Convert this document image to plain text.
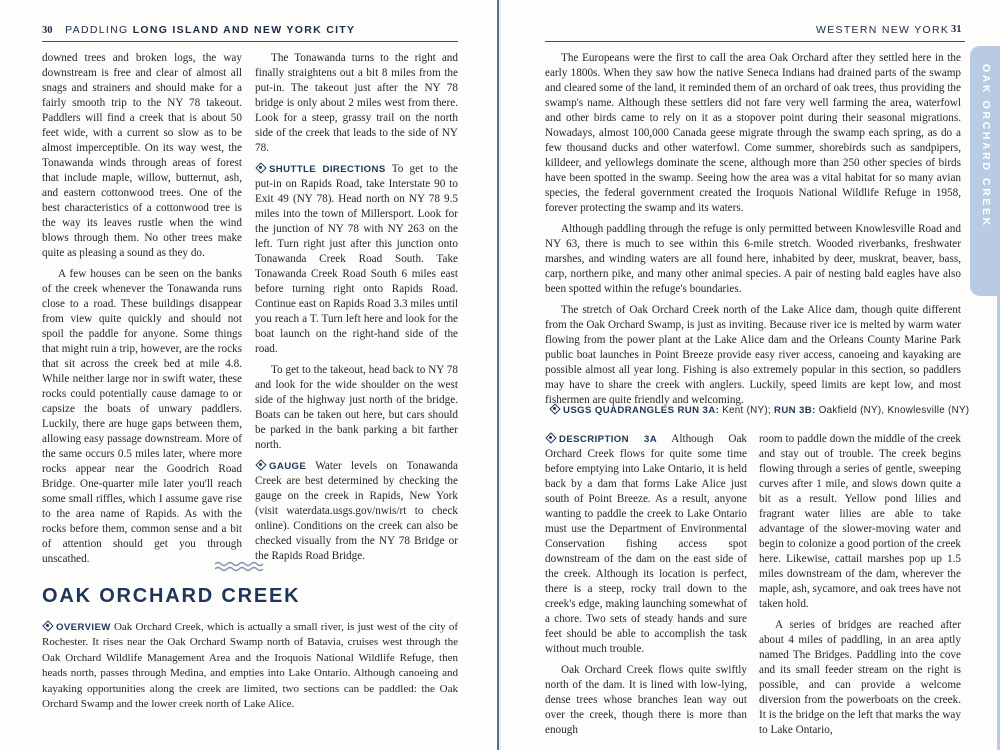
30 PADDLING LONG ISLAND AND NEW YORK CITY

downed trees and broken logs, the way downstream is free and clear of almost all snags and strainers and should make for a fairly smooth trip to the NY 78 takeout. Paddlers will find a creek that is about 50 feet wide, with a current so slow as to be almost imperceptible. On its way west, the Tonawanda winds through areas of forest that include maple, willow, butternut, ash, and eastern cottonwood trees. One of the best characteristics of a cottonwood tree is the way its leaves rustle when the wind blows through them. No other trees make quite as pleasing a sound as they do.

A few houses can be seen on the banks of the creek whenever the Tonawanda runs close to a road. These buildings disappear from view quite quickly and should not spoil the paddle for anyone. Some things that might ruin a trip, however, are the rocks that sit across the creek bed at mile 4.8. While neither large nor in swift water, these rocks could potentially cause damage to or capsize the boats of unwary paddlers. Luckily, there are huge gaps between them, allowing easy passage downstream. More of the same occurs 0.5 miles later, where more rocks appear near the Goodrich Road Bridge. One-quarter mile later you'll reach some small riffles, which I assume gave rise to the area name of Rapids. As with the rocks before them, common sense and a bit of attention should get you through unscathed.

The Tonawanda turns to the right and finally straightens out a bit 8 miles from the put-in. The takeout just after the NY 78 bridge is only about 2 miles west from there. Look for a steep, grassy trail on the north side of the creek that leads to the side of NY 78.

SHUTTLE DIRECTIONS To get to the put-in on Rapids Road, take Interstate 90 to Exit 49 (NY 78). Head north on NY 78 9.5 miles into the town of Millersport. Look for the junction of NY 78 with NY 263 on the left. Turn right just after this junction onto Tonawanda Creek Road South. Take Tonawanda Creek Road South 6 miles east before turning right onto Rapids Road. Continue east on Rapids Road 3.3 miles until you reach a T. Turn left here and look for the boat launch on the right-hand side of the road.

To get to the takeout, head back to NY 78 and look for the wide shoulder on the west side of the highway just north of the bridge. Boats can be taken out here, but cars should be parked in the bank parking a bit farther north.

GAUGE Water levels on Tonawanda Creek are best determined by checking the gauge on the creek in Rapids, New York (visit waterdata.usgs.gov/nwis/rt to check online). Conditions on the creek can also be checked visually from the NY 78 Bridge or the Rapids Road Bridge.

OAK ORCHARD CREEK
OVERVIEW Oak Orchard Creek, which is actually a small river, is just west of the city of Rochester. It rises near the Oak Orchard Swamp north of Batavia, cruises west through the Oak Orchard Wildlife Management Area and the Iroquois National Wildlife Refuge, then heads north, passes through Medina, and empties into Lake Ontario. Although canoeing and kayaking opportunities along the creek are limited, two sections can be paddled: the Oak Orchard Swamp and the lower creek north of Lake Alice.
WESTERN NEW YORK 31
OAK ORCHARD CREEK

The Europeans were the first to call the area Oak Orchard after they settled here in the early 1800s. When they saw how the native Seneca Indians had drained parts of the swamp and cleared some of the land, it reminded them of an orchard of oak trees, thus providing the swamp's name. Although these settlers did not fare very well farming the area, waterfowl and other birds came to rely on it as a stopover point during their seasonal migrations. Nowadays, almost 100,000 Canada geese migrate through the swamp each spring, as do a few thousand ducks and other waterfowl. Come summer, shorebirds such as sandpipers, killdeer, and yellowlegs dominate the scene, although more than 250 other species of birds have been spotted in the swamp. Seeing how the area was a vital habitat for so many avian species, the federal government created the Iroquois National Wildlife Refuge in 1958, forever protecting the swamp and its waters.

Although paddling through the refuge is only permitted between Knowlesville Road and NY 63, there is much to see within this 6-mile stretch. Wooded riverbanks, freshwater marshes, and winding waters are all found here, inhabited by deer, muskrat, beaver, bass, carp, northern pike, and many other animal species. A pair of nesting bald eagles have also been spotted within the refuge's boundaries.

The stretch of Oak Orchard Creek north of the Lake Alice dam, though quite different from the Oak Orchard Swamp, is just as inviting. Because river ice is melted by warm water flowing from the power plant at the Lake Alice dam and the Orleans County Marine Park public boat launches in Point Breeze provide easy river access, canoeing and kayaking are possible almost all year long. Fishing is also extremely popular in this section, so paddlers may have to share the creek with anglers. Luckily, speed limits are kept low, and most fishermen are quite friendly and welcoming.

USGS QUADRANGLES RUN 3A: Kent (NY); RUN 3B: Oakfield (NY), Knowlesville (NY)

DESCRIPTION 3A Although Oak Orchard Creek flows for quite some time before emptying into Lake Ontario, it is held back by a dam that forms Lake Alice just south of Point Breeze. As a result, anyone wanting to paddle the creek to Lake Ontario must use the Department of Environmental Conservation fishing access spot downstream of the dam on the east side of the creek. Although its location is perfect, there is a steep, rocky trail down to the creek's edge, making launching somewhat of a chore. Two sets of steady hands and sure feet should be able to accomplish the task without much trouble.

Oak Orchard Creek flows quite swiftly north of the dam. It is lined with low-lying, dense trees whose branches lean way out over the creek, though there is more than enough

room to paddle down the middle of the creek and stay out of trouble. The creek begins flowing through a series of gentle, sweeping curves after 1 mile, and slows down quite a bit as a result. Yellow pond lilies and fragrant water lilies are able to take advantage of the slower-moving water and begin to colonize a good portion of the creek here. Likewise, cattail marshes pop up 1.5 miles downstream of the dam, wherever the maple, ash, sycamore, and oak trees have not taken hold.

A series of bridges are reached after about 4 miles of paddling, in an area aptly named The Bridges. Paddling into the cove and its small feeder stream on the right is possible, and can provide a welcome diversion from the powerboats on the creek. It is the bridge on the left that marks the way to Lake Ontario,
